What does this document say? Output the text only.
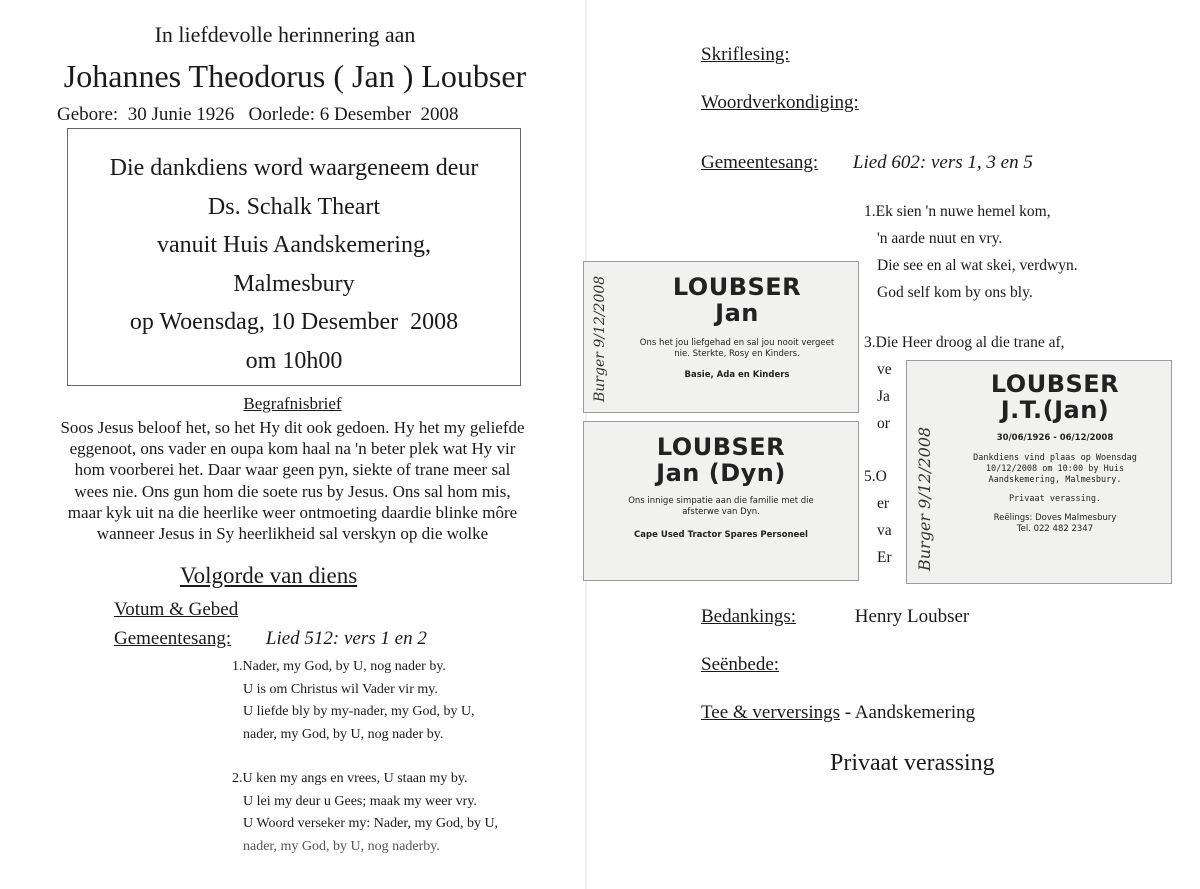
In liefdevolle herinnering aan
Johannes Theodorus ( Jan ) Loubser
Gebore:  30 Junie 1926   Oorlede: 6 Desember  2008
Die dankdiens word waargeneem deur
Ds. Schalk Theart
vanuit Huis Aandskemering,
Malmesbury
op Woensdag, 10 Desember  2008
om 10h00
Begrafnisbrief
Soos Jesus beloof het, so het Hy dit ook gedoen. Hy het my geliefde
eggenoot, ons vader en oupa kom haal na 'n beter plek wat Hy vir
hom voorberei het. Daar waar geen pyn, siekte of trane meer sal
wees nie. Ons gun hom die soete rus by Jesus. Ons sal hom mis,
maar kyk uit na die heerlike weer ontmoeting daardie blinke môre
wanneer Jesus in Sy heerlikheid sal verskyn op die wolke
Volgorde van diens
Votum & Gebed
Gemeentesang: Lied 512: vers 1 en 2
1.Nader, my God, by U, nog nader by.
U is om Christus wil Vader vir my.
U liefde bly by my-nader, my God, by U,
nader, my God, by U, nog nader by.
2.U ken my angs en vrees, U staan my by.
U lei my deur u Gees; maak my weer vry.
U Woord verseker my: Nader, my God, by U,
nader, my God, by U, nog naderby.
Skriflesing:
Woordverkondiging:
Gemeentesang: Lied 602: vers 1, 3 en 5
1.Ek sien 'n nuwe hemel kom,
'n aarde nuut en vry.
Die see en al wat skei, verdwyn.
God self kom by ons bly.
3.Die Heer droog al die trane af,
ve
Ja
or
5.O
er
va
Er
Bedankings:	Henry Loubser
Seënbede:
Tee & verversings - Aandskemering
Privaat verassing
Burger 9/12/2008	LOUBSER
Jan
Ons het jou liefgehad en sal jou nooit vergeet nie. Sterkte, Rosy en Kinders.
Basie, Ada en Kinders
LOUBSER
Jan (Dyn)
Ons innige simpatie aan die familie met die afsterwe van Dyn.
Cape Used Tractor Spares Personeel	Burger 9/12/2008
LOUBSER
J.T.(Jan)
30/06/1926 - 06/12/2008
Dankdiens vind plaas op Woensdag 10/12/2008 om 10:00 by Huis Aandskemering, Malmesbury.
Privaat verassing.
Reëlings: Doves Malmesbury
Tel. 022 482 2347
